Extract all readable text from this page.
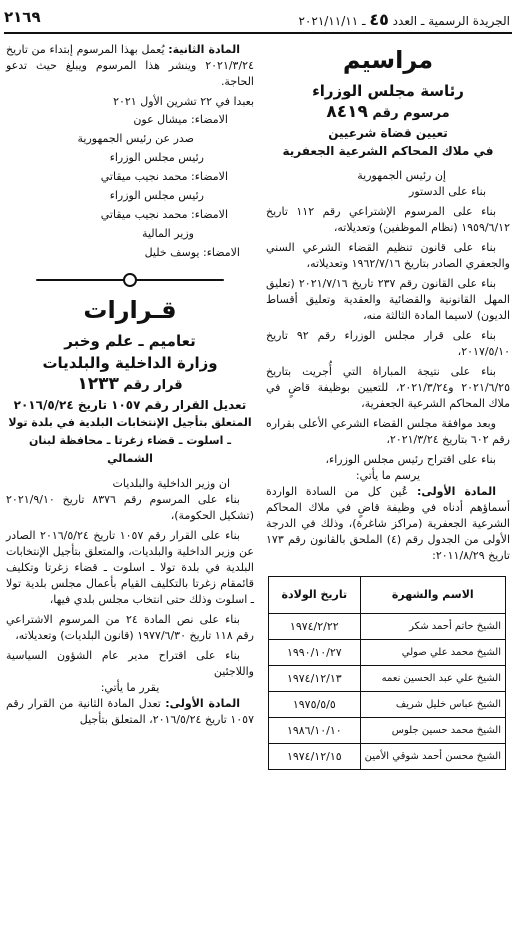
٢١٦٩	الجريدة الرسمية ـ العدد ٤٥ ـ ٢٠٢١/١١/١١
مراسيم
رئاسة مجلس الوزراء
مرسوم رقم ٨٤١٩
تعيين قضاة شرعيين
في ملاك المحاكم الشرعية الجعفرية

إن رئيس الجمهورية

بناء على الدستور

بناء على المرسوم الإشتراعي رقم ١١٢ تاريخ ١٩٥٩/٦/١٢ (نظام الموظفين) وتعديلاته،

بناء على قانون تنظيم القضاء الشرعي السني والجعفري الصادر بتاريخ ١٩٦٢/٧/١٦ وتعديلاته،

بناء على القانون رقم ٢٣٧ تاريخ ٢٠٢١/٧/١٦ (تعليق المهل القانونية والقضائية والعقدية وتعليق أقساط الديون) لاسيما المادة الثالثة منه،

بناء على قرار مجلس الوزراء رقم ٩٢ تاريخ ٢٠١٧/٥/١٠،

بناء على نتيجة المباراة التي أُجريت بتاريخ ٢٠٢١/٦/٢٥ و٢٠٢١/٣/٢٤، للتعيين بوظيفة قاضٍ في ملاك المحاكم الشرعية الجعفرية،

وبعد موافقة مجلس القضاء الشرعي الأعلى بقراره رقم ٦٠٢ بتاريخ ٢٠٢١/٣/٢٤،

بناء على اقتراح رئيس مجلس الوزراء،

يرسم ما يأتي:

المادة الأولى: عُين كل من السادة الواردة أسماؤهم أدناه في وظيفة قاضٍ في ملاك المحاكم الشرعية الجعفرية (مراكز شاغرة)، وذلك في الدرجة الأولى من الجدول رقم (٤) الملحق بالقانون رقم ١٧٣ تاريخ ٢٠١١/٨/٢٩:

الاسم والشهرة	تاريخ الولادة
الشيخ حاتم أحمد شكر	١٩٧٤/٢/٢٢
الشيخ محمد علي صولي	١٩٩٠/١٠/٢٧
الشيخ علي عبد الحسين نعمه	١٩٧٤/١٢/١٣
الشيخ عباس خليل شريف	١٩٧٥/٥/٥
الشيخ محمد حسين جلوس	١٩٨٦/١٠/١٠
الشيخ محسن أحمد شوقي الأمين	١٩٧٤/١٢/١٥

المادة الثانية: يُعمل بهذا المرسوم إبتداء من تاريخ ٢٠٢١/٣/٢٤ وينشر هذا المرسوم ويبلغ حيث تدعو الحاجة.

بعبدا في ٢٢ تشرين الأول ٢٠٢١

الامضاء: ميشال عون

صدر عن رئيس الجمهورية

رئيس مجلس الوزراء

الامضاء: محمد نجيب ميقاتي

رئيس مجلس الوزراء

الامضاء: محمد نجيب ميقاتي

وزير المالية

الامضاء: يوسف خليل

قـرارات
تعاميم ـ علم وخبر
وزارة الداخلية والبلديات
قرار رقم ١٢٣٣
تعديل القرار رقم ١٠٥٧ تاريخ ٢٠١٦/٥/٢٤
المتعلق بتأجيل الإنتخابات البلدية في بلدة تولا
ـ اسلوت ـ قضاء زغرتا ـ محافظة لبنان الشمالي

ان وزير الداخلية والبلديات

بناء على المرسوم رقم ٨٣٧٦ تاريخ ٢٠٢١/٩/١٠ (تشكيل الحكومة)،

بناء على القرار رقم ١٠٥٧ تاريخ ٢٠١٦/٥/٢٤ الصادر عن وزير الداخلية والبلديات، والمتعلق بتأجيل الإنتخابات البلدية في بلدة تولا ـ اسلوت ـ قضاء زغرتا وتكليف قائمقام زغرتا بالتكليف القيام بأعمال مجلس بلدية تولا ـ اسلوت وذلك حتى انتخاب مجلس بلدي فيها،

بناء على نص المادة ٢٤ من المرسوم الاشتراعي رقم ١١٨ تاريخ ١٩٧٧/٦/٣٠ (قانون البلديات) وتعديلاته،

بناء على اقتراح مدير عام الشؤون السياسية واللاجئين

يقرر ما يأتي:

المادة الأولى: تعدل المادة الثانية من القرار رقم ١٠٥٧ تاريخ ٢٠١٦/٥/٢٤، المتعلق بتأجيل
